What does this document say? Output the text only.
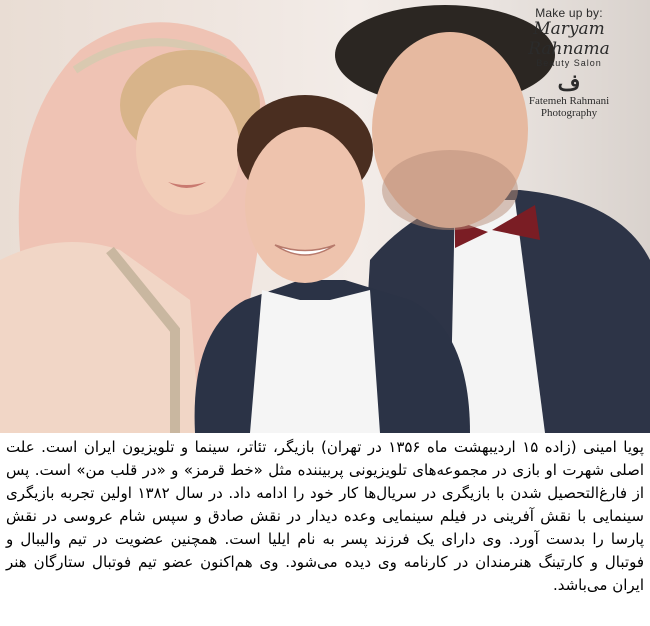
Make up by:
Maryam Rahnama
Beauty Salon
ف
Fatemeh Rahmani
Photography

پویا امینی (زاده ۱۵ اردیبهشت ماه ۱۳۵۶ در تهران) بازیگر، تئاتر، سینما و تلویزیون ایران است. علت اصلی شهرت او بازی در مجموعه‌های تلویزیونی پربیننده مثل «خط قرمز» و «در قلب من» است. پس از فارغ‌التحصیل شدن با بازیگری در سریال‌ها کار خود را ادامه داد. در سال ۱۳۸۲ اولین تجربه بازیگری سینمایی با نقش آفرینی در فیلم سینمایی وعده دیدار در نقش صادق و سپس شام عروسی در نقش پارسا را بدست آورد. وی دارای یک فرزند پسر به نام ایلیا است. همچنین عضویت در تیم والیبال و فوتبال و کارتینگ هنرمندان در کارنامه وی دیده می‌شود. وی هم‌اکنون عضو تیم فوتبال ستارگان هنر ایران می‌باشد.
